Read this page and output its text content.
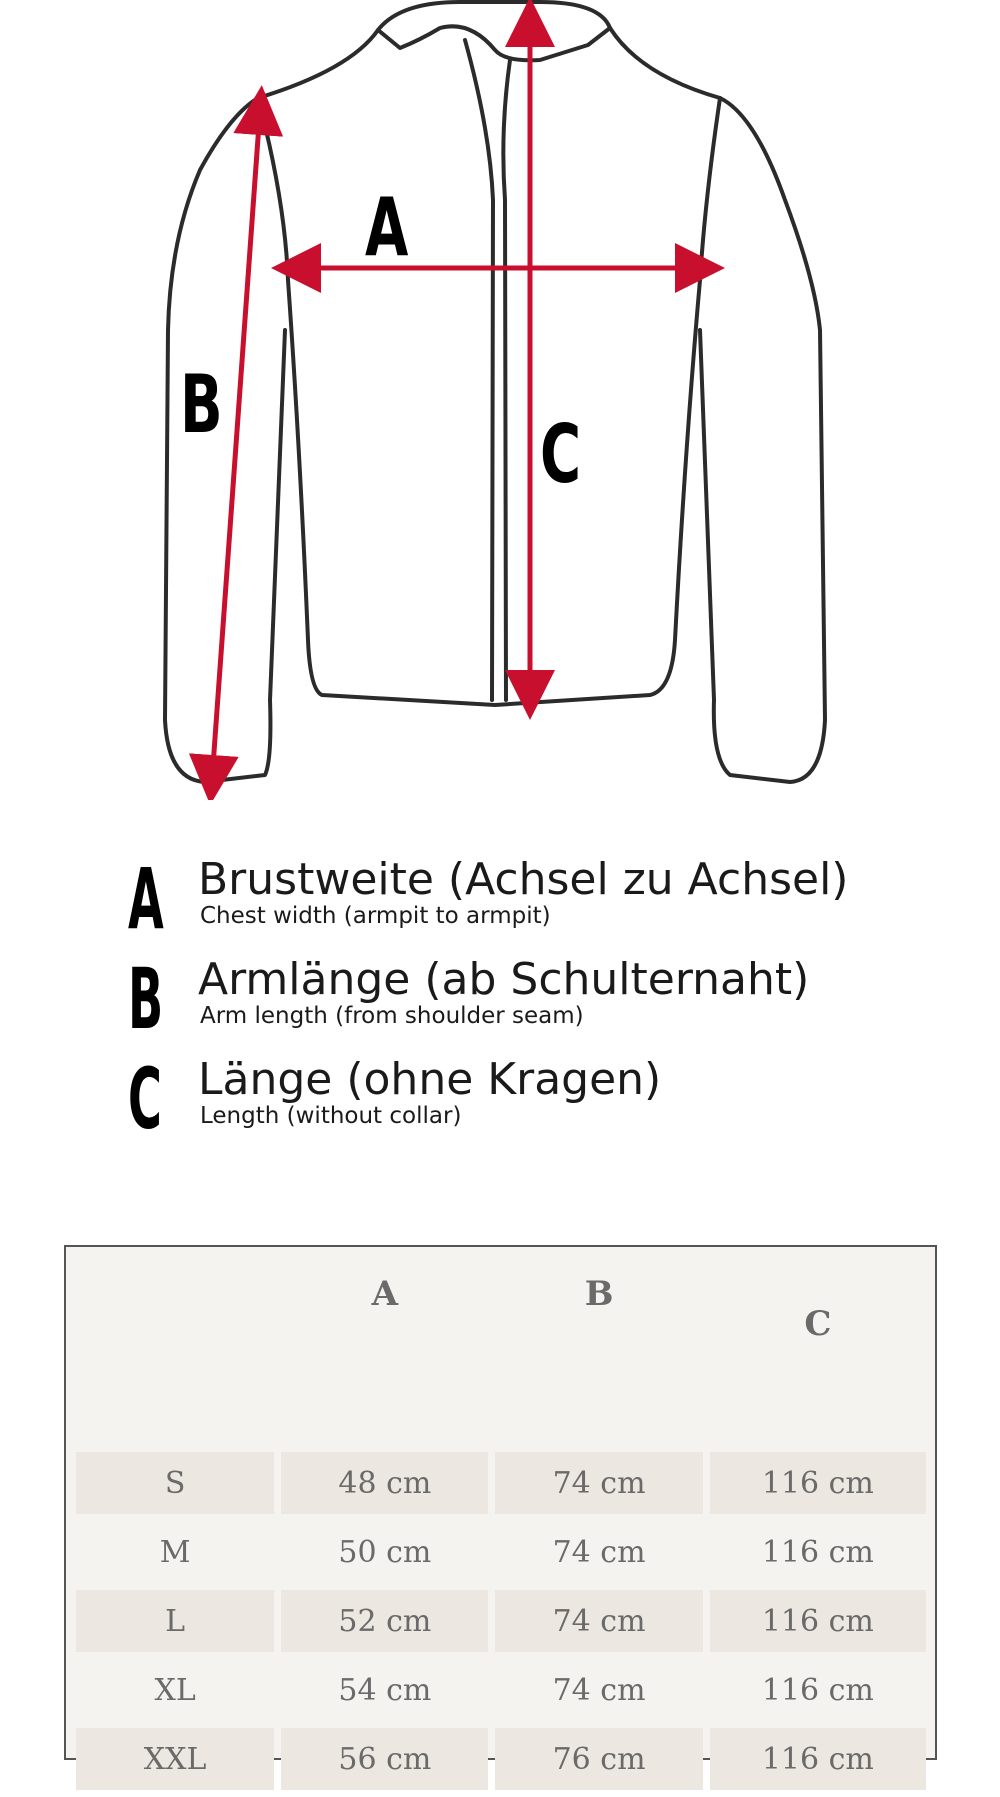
A
B
C
A Brustweite (Achsel zu Achsel)
Chest width (armpit to armpit)
B Armlänge (ab Schulternaht)
Arm length (from shoulder seam)
C Länge (ohne Kragen)
Length (without collar)
	A	B	C
S	48 cm	74 cm	116 cm
M	50 cm	74 cm	116 cm
L	52 cm	74 cm	116 cm
XL	54 cm	74 cm	116 cm
XXL	56 cm	76 cm	116 cm
